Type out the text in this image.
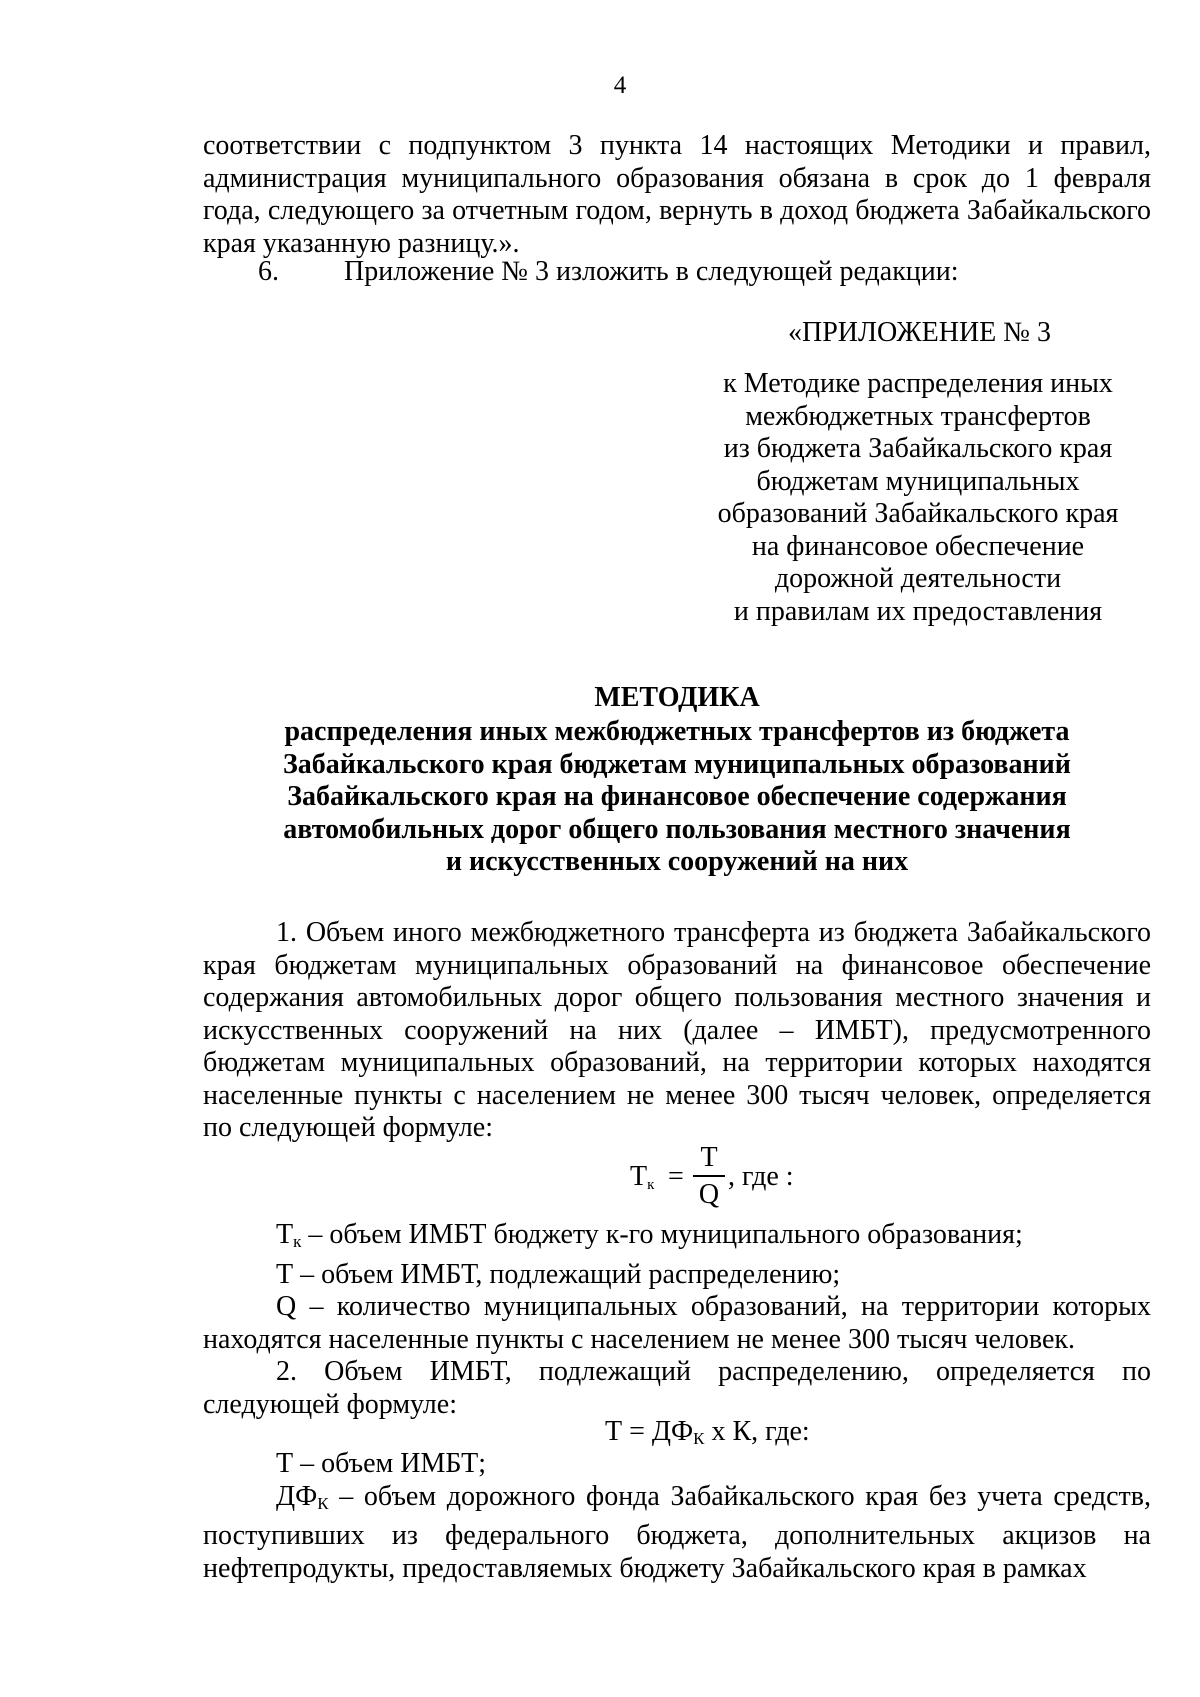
4
соответствии с подпунктом 3 пункта 14 настоящих Методики и правил, администрация муниципального образования обязана в срок до 1 февраля года, следующего за отчетным годом, вернуть в доход бюджета Забайкальского края указанную разницу.».
6. Приложение № 3 изложить в следующей редакции:
«ПРИЛОЖЕНИЕ № 3
к Методике распределения иных
межбюджетных трансфертов
из бюджета Забайкальского края
бюджетам муниципальных
образований Забайкальского края
на финансовое обеспечение
дорожной деятельности
и правилам их предоставления
МЕТОДИКА
распределения иных межбюджетных трансфертов из бюджета
Забайкальского края бюджетам муниципальных образований
Забайкальского края на финансовое обеспечение содержания
автомобильных дорог общего пользования местного значения
и искусственных сооружений на них
1. Объем иного межбюджетного трансферта из бюджета Забайкальского края бюджетам муниципальных образований на финансовое обеспечение содержания автомобильных дорог общего пользования местного значения и искусственных сооружений на них (далее – ИМБТ), предусмотренного бюджетам муниципальных образований, на территории которых находятся населенные пункты с населением не менее 300 тысяч человек, определяется по следующей формуле:
Tк =
T
Q
, где :
Tк – объем ИМБТ бюджету к-го муниципального образования;
Т – объем ИМБТ, подлежащий распределению;
Q – количество муниципальных образований, на территории которых находятся населенные пункты с населением не менее 300 тысяч человек.
2. Объем ИМБТ, подлежащий распределению, определяется по следующей формуле:
Т = ДФК х К, где:
Т – объем ИМБТ;
ДФК – объем дорожного фонда Забайкальского края без учета средств, поступивших из федерального бюджета, дополнительных акцизов на нефтепродукты, предоставляемых бюджету Забайкальского края в рамках
